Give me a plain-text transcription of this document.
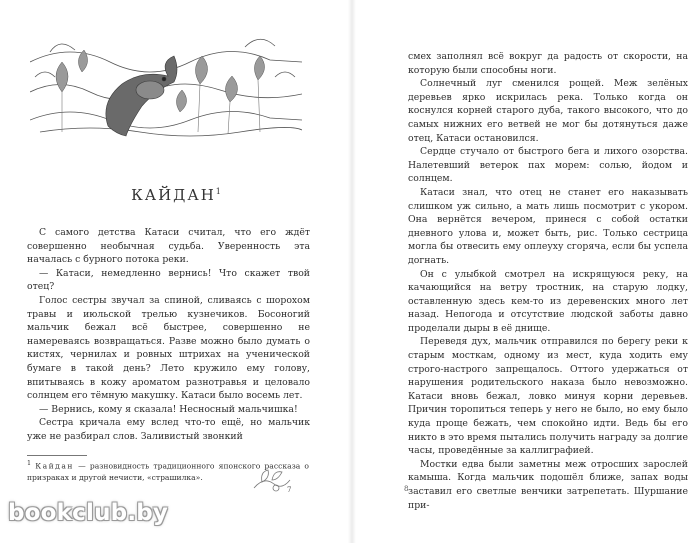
КАЙДАН$^1$

С самого детства Катаси считал, что его ждёт совершенно необычная судьба. Уверенность эта началась с бурного потока реки.

— Катаси, немедленно вернись! Что скажет твой отец?

Голос сестры звучал за спиной, сливаясь с шорохом травы и июльской трелью кузнечиков. Босоногий мальчик бежал всё быстрее, совершенно не намереваясь возвращаться. Разве можно было думать о кистях, чернилах и ровных штрихах на ученической бумаге в такой день? Лето кружило ему голову, впитываясь в кожу ароматом разнотравья и целовало солнцем его тёмную макушку. Катаси было восемь лет.

— Вернись, кому я сказала! Несносный мальчишка!

Сестра кричала ему вслед что-то ещё, но мальчик уже не разбирал слов. Заливистый звонкий

$^1$ Кайдан — разновидность традиционного японского рассказа о призраках и другой нечисти, «страшилка».
7

смех заполнял всё вокруг да радость от скорости, на которую были способны ноги.

Солнечный луг сменился рощей. Меж зелёных деревьев ярко искрилась река. Только когда он коснулся корней старого дуба, такого высокого, что до самых нижних его ветвей не мог бы дотянуться даже отец, Катаси остановился.

Сердце стучало от быстрого бега и лихого озорства. Налетевший ветерок пах морем: солью, йодом и солнцем.

Катаси знал, что отец не станет его наказывать слишком уж сильно, а мать лишь посмотрит с укором. Она вернётся вечером, принеся с собой остатки дневного улова и, может быть, рис. Только сестрица могла бы отвесить ему оплеуху сгоряча, если бы успела догнать.

Он с улыбкой смотрел на искрящуюся реку, на качающийся на ветру тростник, на старую лодку, оставленную здесь кем-то из деревенских много лет назад. Непогода и отсутствие людской заботы давно проделали дыры в её днище.

Переведя дух, мальчик отправился по берегу реки к старым мосткам, одному из мест, куда ходить ему строго-настрого запрещалось. Оттого удержаться от нарушения родительского наказа было невозможно. Катаси вновь бежал, ловко минуя корни деревьев. Причин торопиться теперь у него не было, но ему было куда проще бежать, чем спокойно идти. Ведь бы его никто в это время пытались получить награду за долгие часы, проведённые за каллиграфией.

Мостки едва были заметны меж отросших зарослей камыша. Когда мальчик подошёл ближе, запах воды заставил его светлые венчики затрепетать. Шуршание при-

8
bookclub.by
